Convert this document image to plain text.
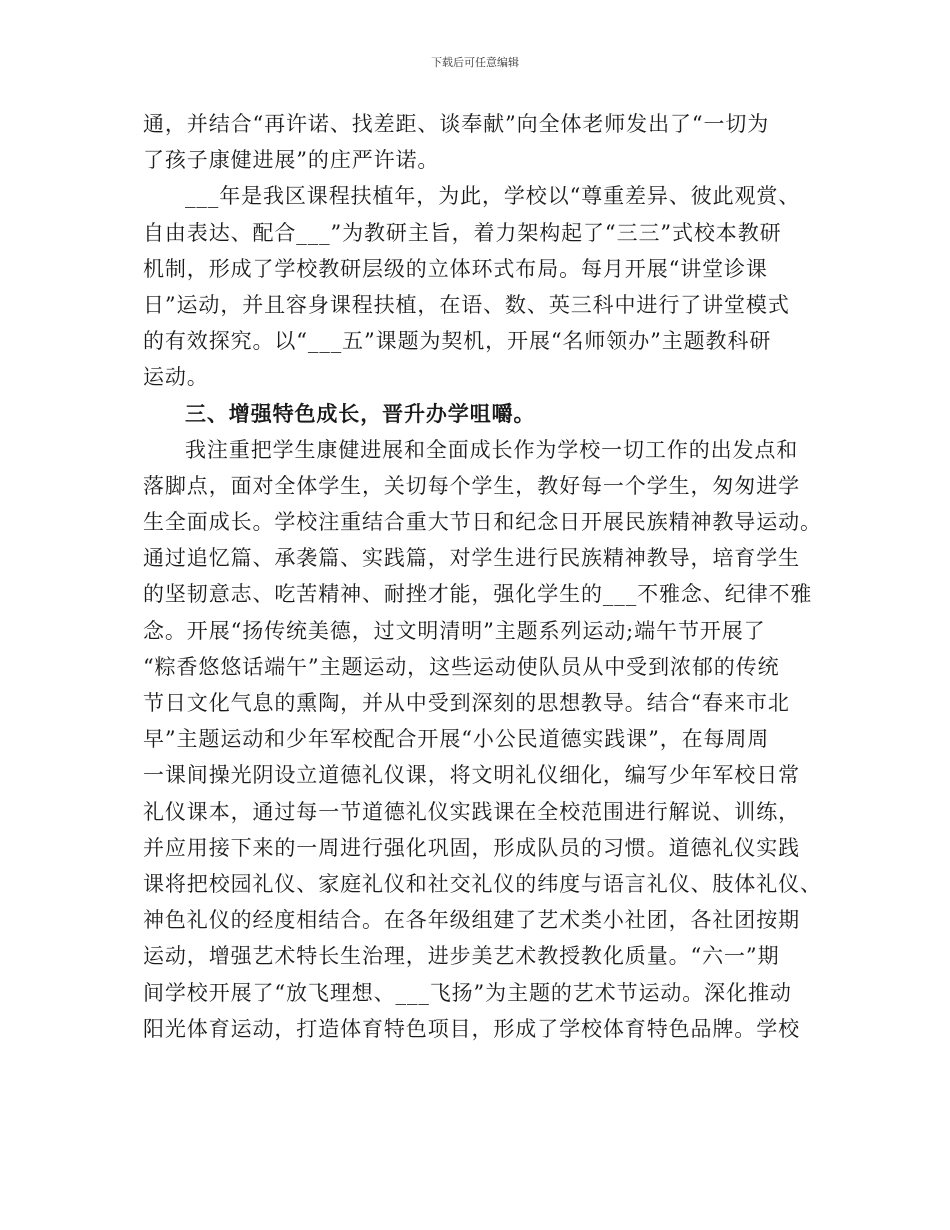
下载后可任意编辑
通，并结合“再许诺、找差距、谈奉献”向全体老师发出了“一切为
了孩子康健进展”的庄严许诺。
___年是我区课程扶植年，为此，学校以“尊重差异、彼此观赏、
自由表达、配合___”为教研主旨，着力架构起了“三三”式校本教研
机制，形成了学校教研层级的立体环式布局。每月开展“讲堂诊课
日”运动，并且容身课程扶植，在语、数、英三科中进行了讲堂模式
的有效探究。以“___五”课题为契机，开展“名师领办”主题教科研
运动。
三、增强特色成长，晋升办学咀嚼。
我注重把学生康健进展和全面成长作为学校一切工作的出发点和
落脚点，面对全体学生，关切每个学生，教好每一个学生，匆匆进学
生全面成长。学校注重结合重大节日和纪念日开展民族精神教导运动。
通过追忆篇、承袭篇、实践篇，对学生进行民族精神教导，培育学生
的坚韧意志、吃苦精神、耐挫才能，强化学生的___不雅念、纪律不雅
念。开展“扬传统美德，过文明清明”主题系列运动;端午节开展了
“粽香悠悠话端午”主题运动，这些运动使队员从中受到浓郁的传统
节日文化气息的熏陶，并从中受到深刻的思想教导。结合“春来市北
早”主题运动和少年军校配合开展“小公民道德实践课”，在每周周
一课间操光阴设立道德礼仪课，将文明礼仪细化，编写少年军校日常
礼仪课本，通过每一节道德礼仪实践课在全校范围进行解说、训练，
并应用接下来的一周进行强化巩固，形成队员的习惯。道德礼仪实践
课将把校园礼仪、家庭礼仪和社交礼仪的纬度与语言礼仪、肢体礼仪、
神色礼仪的经度相结合。在各年级组建了艺术类小社团，各社团按期
运动，增强艺术特长生治理，进步美艺术教授教化质量。“六一”期
间学校开展了“放飞理想、___飞扬”为主题的艺术节运动。深化推动
阳光体育运动，打造体育特色项目，形成了学校体育特色品牌。学校
